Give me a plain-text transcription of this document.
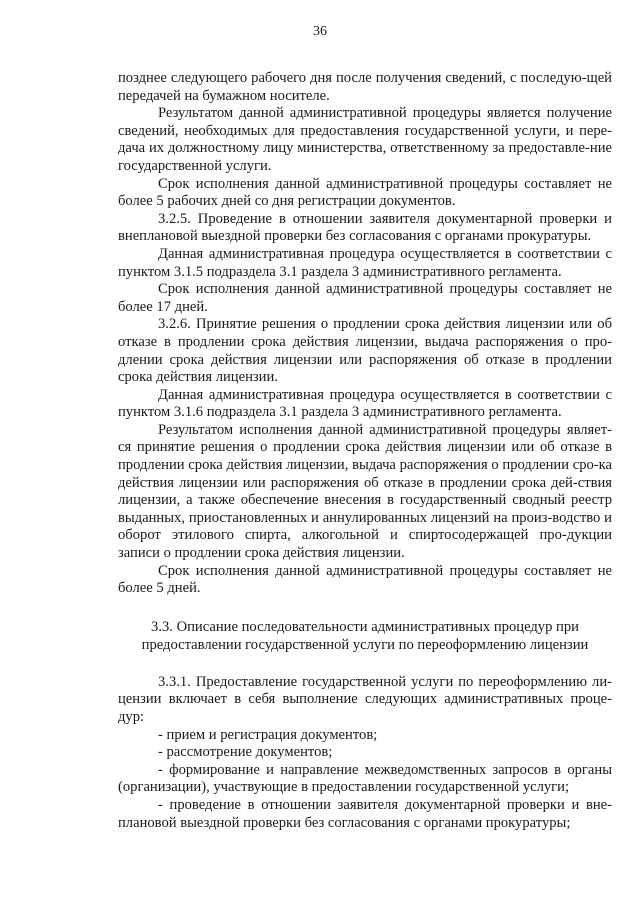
36

позднее следующего рабочего дня после получения сведений, с последую-щей передачей на бумажном носителе.

Результатом данной административной процедуры является получение сведений, необходимых для предоставления государственной услуги, и пере-дача их должностному лицу министерства, ответственному за предоставле-ние государственной услуги.

Срок исполнения данной административной процедуры составляет не более 5 рабочих дней со дня регистрации документов.

3.2.5. Проведение в отношении заявителя документарной проверки и внеплановой выездной проверки без согласования с органами прокуратуры.

Данная административная процедура осуществляется в соответствии с пунктом 3.1.5 подраздела 3.1 раздела 3 административного регламента.

Срок исполнения данной административной процедуры составляет не более 17 дней.

3.2.6. Принятие решения о продлении срока действия лицензии или об отказе в продлении срока действия лицензии, выдача распоряжения о про-длении срока действия лицензии или распоряжения об отказе в продлении срока действия лицензии.

Данная административная процедура осуществляется в соответствии с пунктом 3.1.6 подраздела 3.1 раздела 3 административного регламента.

Результатом исполнения данной административной процедуры являет-ся принятие решения о продлении срока действия лицензии или об отказе в продлении срока действия лицензии, выдача распоряжения о продлении сро-ка действия лицензии или распоряжения об отказе в продлении срока дей-ствия лицензии, а также обеспечение внесения в государственный сводный реестр выданных, приостановленных и аннулированных лицензий на произ-водство и оборот этилового спирта, алкогольной и спиртосодержащей про-дукции записи о продлении срока действия лицензии.

Срок исполнения данной административной процедуры составляет не более 5 дней.

3.3. Описание последовательности административных процедур при предоставлении государственной услуги по переоформлению лицензии

3.3.1. Предоставление государственной услуги по переоформлению ли-цензии включает в себя выполнение следующих административных проце-дур:

- прием и регистрация документов;

- рассмотрение документов;

- формирование и направление межведомственных запросов в органы (организации), участвующие в предоставлении государственной услуги;

- проведение в отношении заявителя документарной проверки и вне-плановой выездной проверки без согласования с органами прокуратуры;
